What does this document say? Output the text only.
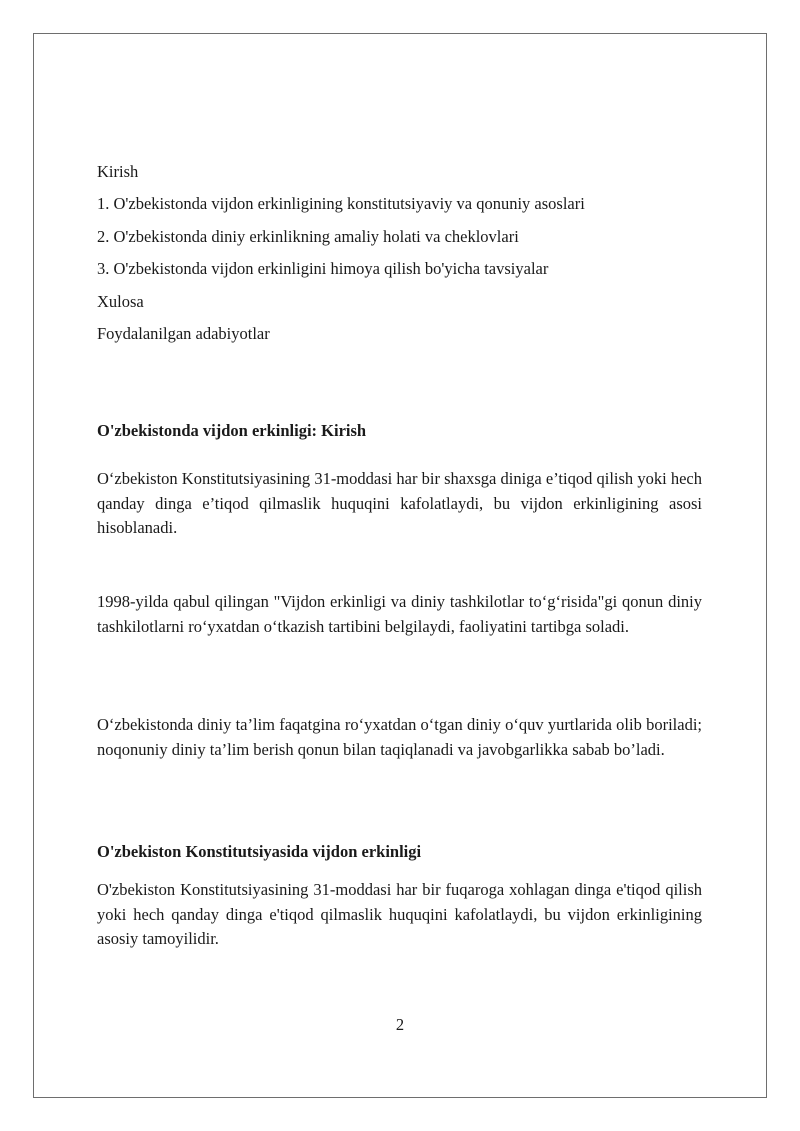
Kirish
1. O'zbekistonda vijdon erkinligining konstitutsiyaviy va qonuniy asoslari
2. O'zbekistonda diniy erkinlikning amaliy holati va cheklovlari
3. O'zbekistonda vijdon erkinligini himoya qilish bo'yicha tavsiyalar
Xulosa
Foydalanilgan adabiyotlar
O'zbekistonda vijdon erkinligi: Kirish

O‘zbekiston Konstitutsiyasining 31-moddasi har bir shaxsga diniga e’tiqod qilish yoki hech qanday dinga e’tiqod qilmaslik huquqini kafolatlaydi, bu vijdon erkinligining asosi hisoblanadi.

1998-yilda qabul qilingan "Vijdon erkinligi va diniy tashkilotlar to‘g‘risida"gi qonun diniy tashkilotlarni ro‘yxatdan o‘tkazish tartibini belgilaydi, faoliyatini tartibga soladi.

O‘zbekistonda diniy ta’lim faqatgina ro‘yxatdan o‘tgan diniy o‘quv yurtlarida olib boriladi; noqonuniy diniy ta’lim berish qonun bilan taqiqlanadi va javobgarlikka sabab bo’ladi.

O'zbekiston Konstitutsiyasida vijdon erkinligi

O'zbekiston Konstitutsiyasining 31-moddasi har bir fuqaroga xohlagan dinga e'tiqod qilish yoki hech qanday dinga e'tiqod qilmaslik huquqini kafolatlaydi, bu vijdon erkinligining asosiy tamoyilidir.

2
